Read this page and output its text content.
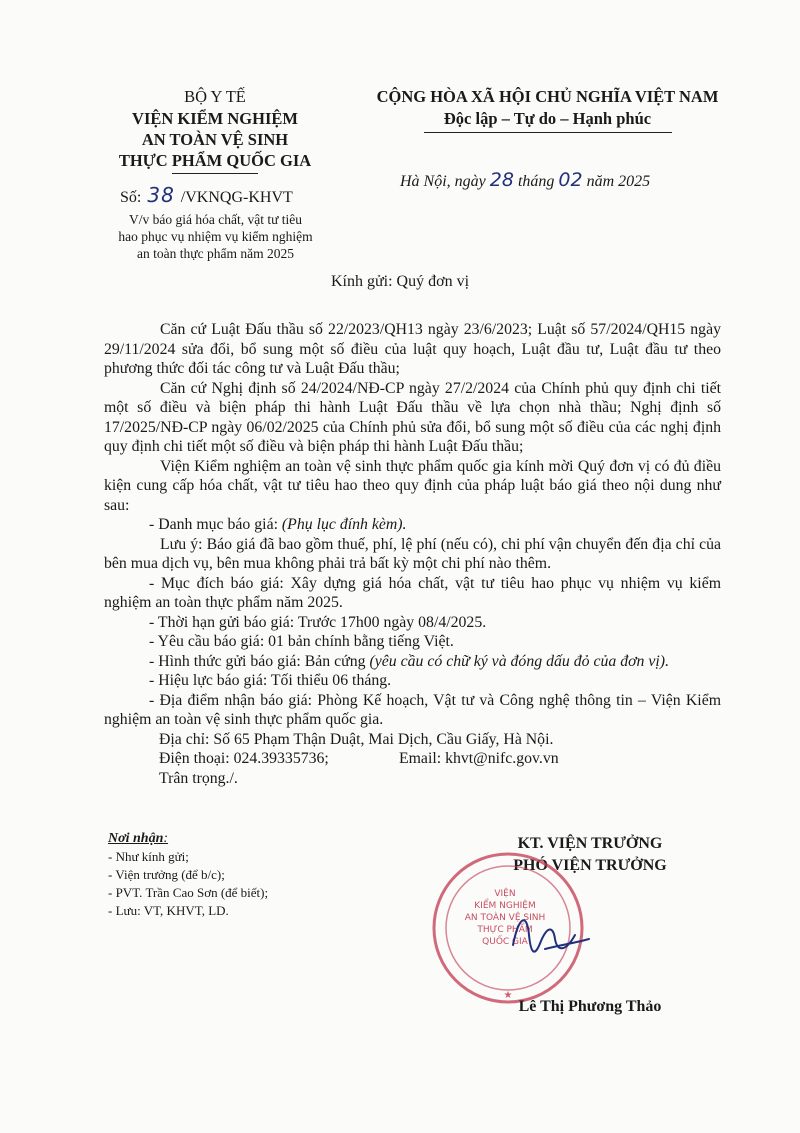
BỘ Y TẾ
VIỆN KIỂM NGHIỆM
AN TOÀN VỆ SINH
THỰC PHẨM QUỐC GIA
Số: 38 /VKNQG-KHVT
V/v báo giá hóa chất, vật tư tiêu
hao phục vụ nhiệm vụ kiểm nghiệm
an toàn thực phẩm năm 2025
CỘNG HÒA XÃ HỘI CHỦ NGHĨA VIỆT NAM
Độc lập – Tự do – Hạnh phúc
Hà Nội, ngày 28 tháng 02 năm 2025
Kính gửi: Quý đơn vị

Căn cứ Luật Đấu thầu số 22/2023/QH13 ngày 23/6/2023; Luật số 57/2024/QH15 ngày 29/11/2024 sửa đổi, bổ sung một số điều của luật quy hoạch, Luật đầu tư, Luật đầu tư theo phương thức đối tác công tư và Luật Đấu thầu;

Căn cứ Nghị định số 24/2024/NĐ-CP ngày 27/2/2024 của Chính phủ quy định chi tiết một số điều và biện pháp thi hành Luật Đấu thầu về lựa chọn nhà thầu; Nghị định số 17/2025/NĐ-CP ngày 06/02/2025 của Chính phủ sửa đổi, bổ sung một số điều của các nghị định quy định chi tiết một số điều và biện pháp thi hành Luật Đấu thầu;

Viện Kiểm nghiệm an toàn vệ sinh thực phẩm quốc gia kính mời Quý đơn vị có đủ điều kiện cung cấp hóa chất, vật tư tiêu hao theo quy định của pháp luật báo giá theo nội dung như sau:

- Danh mục báo giá: (Phụ lục đính kèm).

Lưu ý: Báo giá đã bao gồm thuế, phí, lệ phí (nếu có), chi phí vận chuyển đến địa chỉ của bên mua dịch vụ, bên mua không phải trả bất kỳ một chi phí nào thêm.

- Mục đích báo giá: Xây dựng giá hóa chất, vật tư tiêu hao phục vụ nhiệm vụ kiểm nghiệm an toàn thực phẩm năm 2025.

- Thời hạn gửi báo giá: Trước 17h00 ngày 08/4/2025.

- Yêu cầu báo giá: 01 bản chính bằng tiếng Việt.

- Hình thức gửi báo giá: Bản cứng (yêu cầu có chữ ký và đóng dấu đỏ của đơn vị).

- Hiệu lực báo giá: Tối thiểu 06 tháng.

- Địa điểm nhận báo giá: Phòng Kế hoạch, Vật tư và Công nghệ thông tin – Viện Kiểm nghiệm an toàn vệ sinh thực phẩm quốc gia.

Địa chỉ: Số 65 Phạm Thận Duật, Mai Dịch, Cầu Giấy, Hà Nội.

Điện thoại: 024.39335736;	Email: khvt@nifc.gov.vn

Trân trọng./.

Nơi nhận:
- Như kính gửi;
- Viện trưởng (để b/c);
- PVT. Trần Cao Sơn (để biết);
- Lưu: VT, KHVT, LD.
KT. VIỆN TRƯỞNG
PHÓ VIỆN TRƯỞNG
★
VIỆN
KIỂM NGHIỆM
AN TOÀN VỆ SINH
THỰC PHẨM
QUỐC GIA
Lê Thị Phương Thảo
